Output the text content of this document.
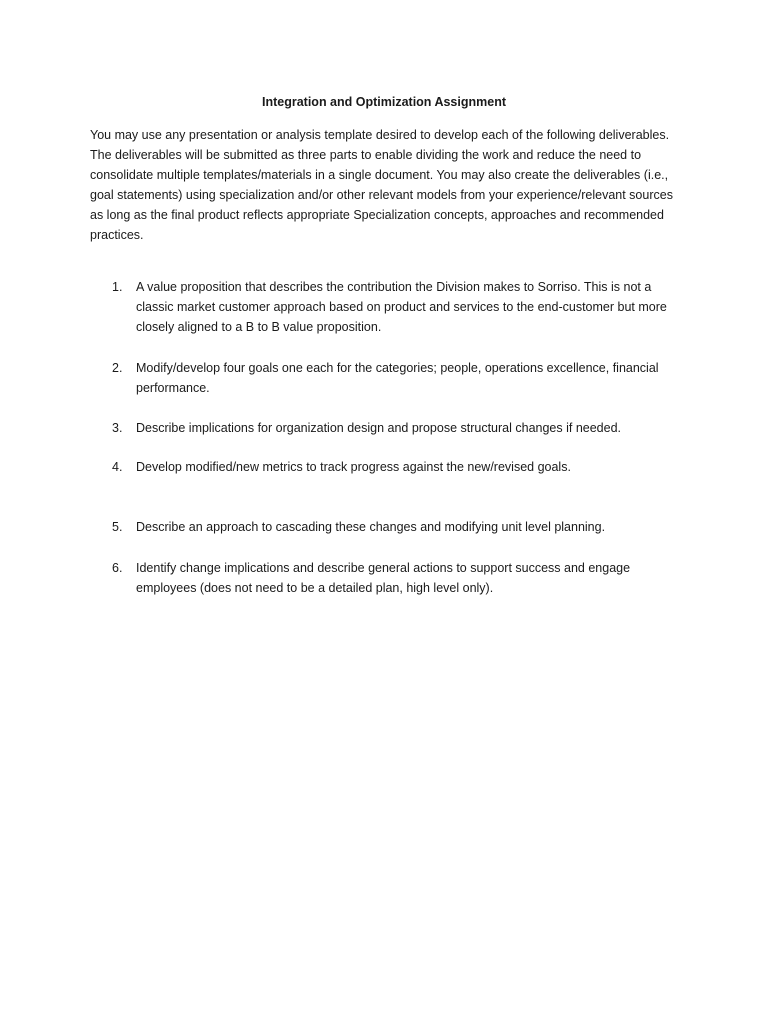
Integration and Optimization Assignment
You may use any presentation or analysis template desired to develop each of the following deliverables. The deliverables will be submitted as three parts to enable dividing the work and reduce the need to consolidate multiple templates/materials in a single document. You may also create the deliverables (i.e., goal statements) using specialization and/or other relevant models from your experience/relevant sources as long as the final product reflects appropriate Specialization concepts, approaches and recommended practices.
1.	A value proposition that describes the contribution the Division makes to Sorriso. This is not a classic market customer approach based on product and services to the end-customer but more closely aligned to a B to B value proposition.
2.	Modify/develop four goals one each for the categories; people, operations excellence, financial performance.
3.	Describe implications for organization design and propose structural changes if needed.
4.	Develop modified/new metrics to track progress against the new/revised goals.
5.	Describe an approach to cascading these changes and modifying unit level planning.
6.	Identify change implications and describe general actions to support success and engage employees (does not need to be a detailed plan, high level only).
